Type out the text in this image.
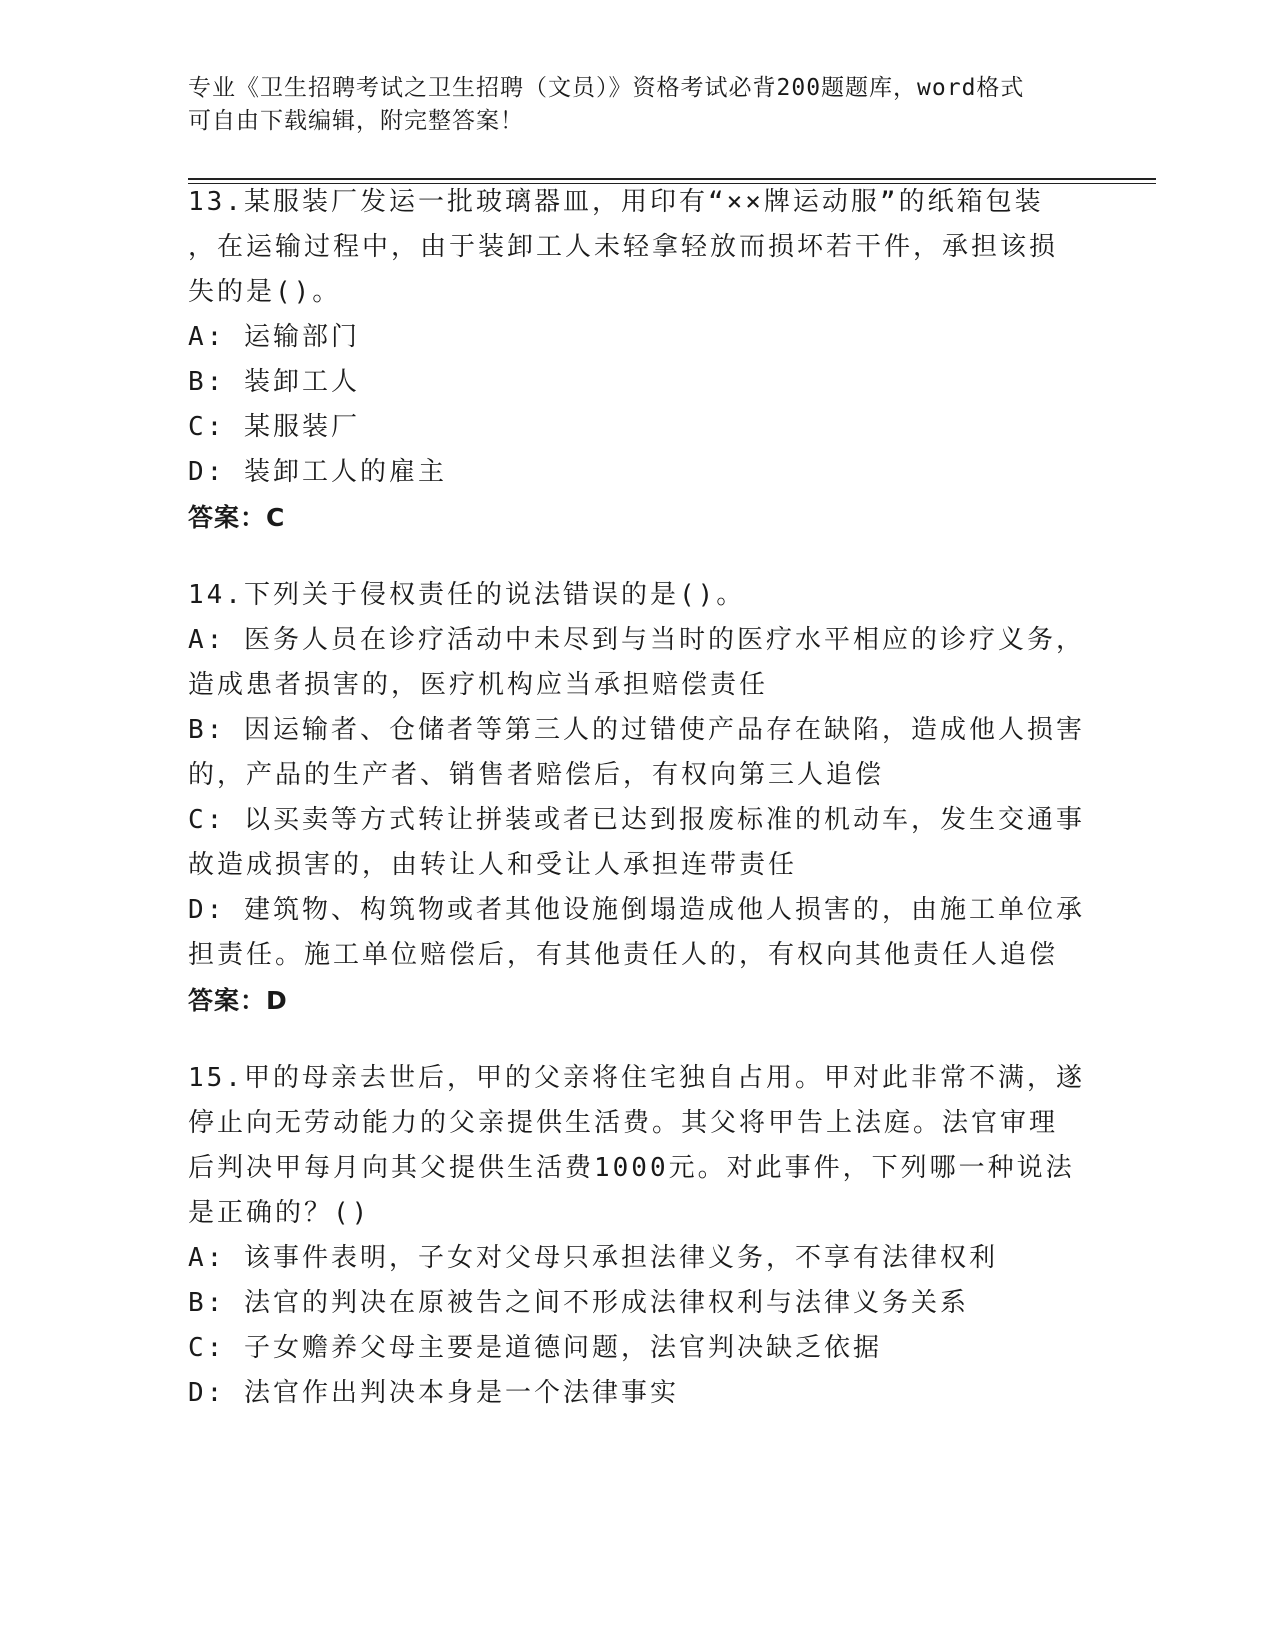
专业《卫生招聘考试之卫生招聘（文员）》资格考试必背200题题库，word格式
可自由下载编辑，附完整答案！
13.某服装厂发运一批玻璃器皿，用印有“××牌运动服”的纸箱包装
，在运输过程中，由于装卸工人未轻拿轻放而损坏若干件，承担该损
失的是()。
A: 运输部门
B: 装卸工人
C: 某服装厂
D: 装卸工人的雇主
答案：C
14.下列关于侵权责任的说法错误的是()。
A: 医务人员在诊疗活动中未尽到与当时的医疗水平相应的诊疗义务，
造成患者损害的，医疗机构应当承担赔偿责任
B: 因运输者、仓储者等第三人的过错使产品存在缺陷，造成他人损害
的，产品的生产者、销售者赔偿后，有权向第三人追偿
C: 以买卖等方式转让拼装或者已达到报废标准的机动车，发生交通事
故造成损害的，由转让人和受让人承担连带责任
D: 建筑物、构筑物或者其他设施倒塌造成他人损害的，由施工单位承
担责任。施工单位赔偿后，有其他责任人的，有权向其他责任人追偿
答案：D
15.甲的母亲去世后，甲的父亲将住宅独自占用。甲对此非常不满，遂
停止向无劳动能力的父亲提供生活费。其父将甲告上法庭。法官审理
后判决甲每月向其父提供生活费1000元。对此事件，下列哪一种说法
是正确的？()
A: 该事件表明，子女对父母只承担法律义务，不享有法律权利
B: 法官的判决在原被告之间不形成法律权利与法律义务关系
C: 子女赡养父母主要是道德问题，法官判决缺乏依据
D: 法官作出判决本身是一个法律事实
